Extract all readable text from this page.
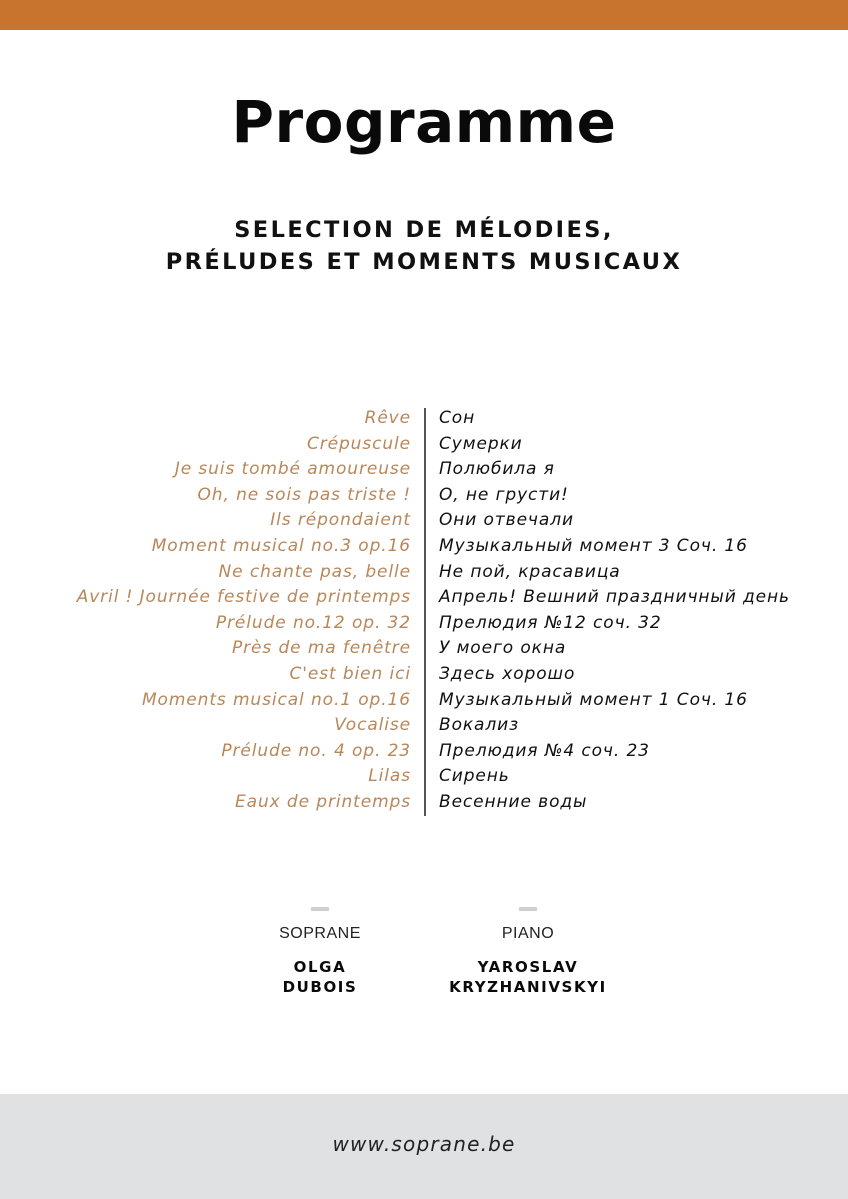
Programme
SELECTION DE MÉLODIES,
PRÉLUDES ET MOMENTS MUSICAUX
Rêve Сон
Crépuscule Сумерки
Je suis tombé amoureuse Полюбила я
Oh, ne sois pas triste ! О, не грусти!
Ils répondaient Они отвечали
Moment musical no.3 op.16 Музыкальный момент 3 Соч. 16
Ne chante pas, belle Не пой, красавица
Avril ! Journée festive de printemps Апрель! Вешний праздничный день
Prélude no.12 op. 32 Прелюдия №12 соч. 32
Près de ma fenêtre У моего окна
C'est bien ici Здесь хорошо
Moments musical no.1 op.16 Музыкальный момент 1 Соч. 16
Vocalise Вокализ
Prélude no. 4 op. 23 Прелюдия №4 соч. 23
Lilas Сирень
Eaux de printemps Весенние воды
SOPRANE	PIANO
OLGA
DUBOIS
YAROSLAV
KRYZHANIVSKYI
www.soprane.be
